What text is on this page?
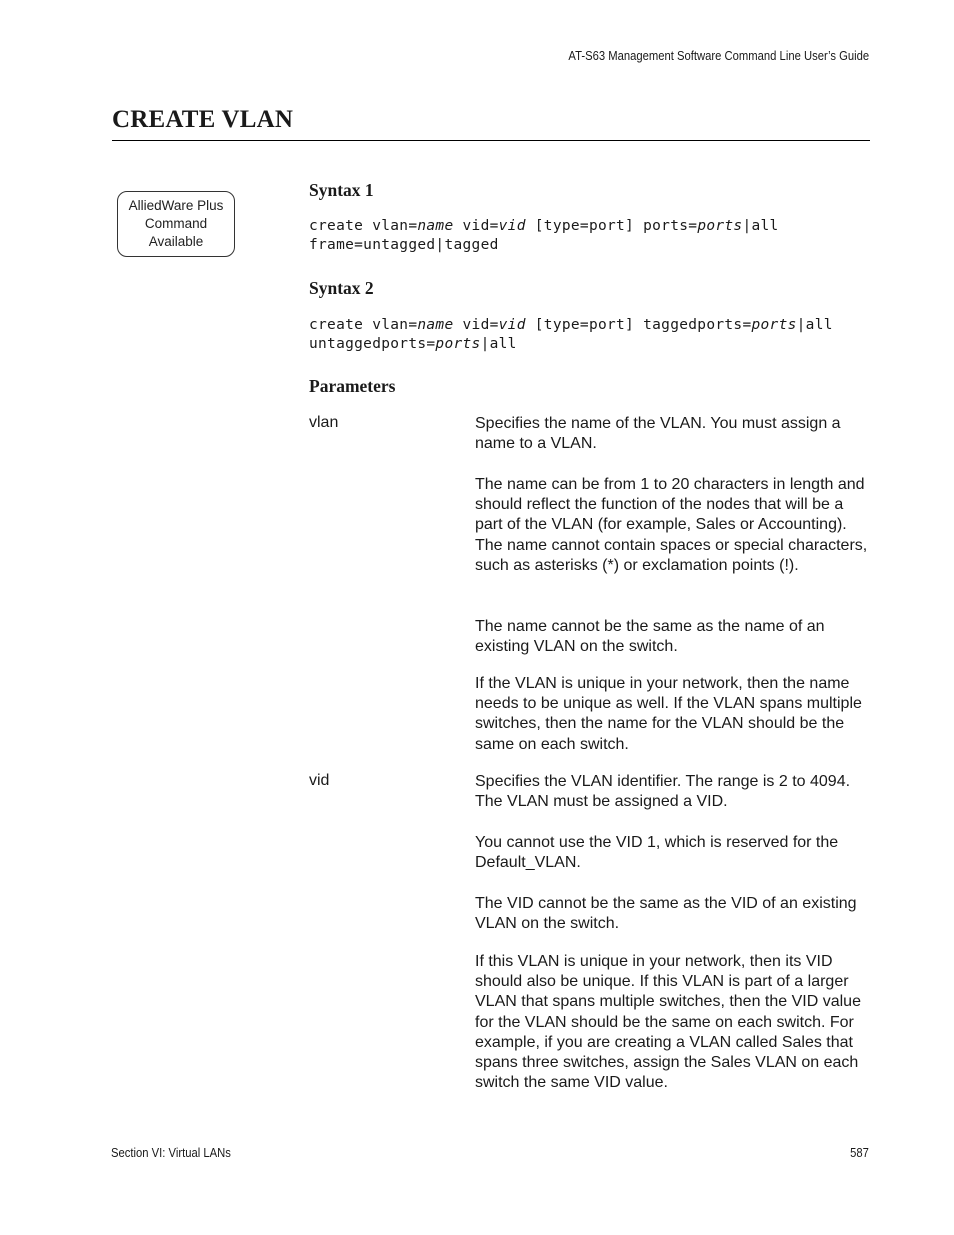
AT-S63 Management Software Command Line User’s Guide
CREATE VLAN
AlliedWare Plus
Command
Available
Syntax 1
create vlan=name vid=vid [type=port] ports=ports|all
frame=untagged|tagged
Syntax 2
create vlan=name vid=vid [type=port] taggedports=ports|all
untaggedports=ports|all
Parameters
vlan	Specifies the name of the VLAN. You must assign a name to a VLAN.
The name can be from 1 to 20 characters in length and should reflect the function of the nodes that will be a part of the VLAN (for example, Sales or Accounting). The name cannot contain spaces or special characters, such as asterisks (*) or exclamation points (!).
The name cannot be the same as the name of an existing VLAN on the switch.
If the VLAN is unique in your network, then the name needs to be unique as well. If the VLAN spans multiple switches, then the name for the VLAN should be the same on each switch.
vid	Specifies the VLAN identifier. The range is 2 to 4094. The VLAN must be assigned a VID.
You cannot use the VID 1, which is reserved for the Default_VLAN.
The VID cannot be the same as the VID of an existing VLAN on the switch.
If this VLAN is unique in your network, then its VID should also be unique. If this VLAN is part of a larger VLAN that spans multiple switches, then the VID value for the VLAN should be the same on each switch. For example, if you are creating a VLAN called Sales that spans three switches, assign the Sales VLAN on each switch the same VID value.
Section VI: Virtual LANs	587
